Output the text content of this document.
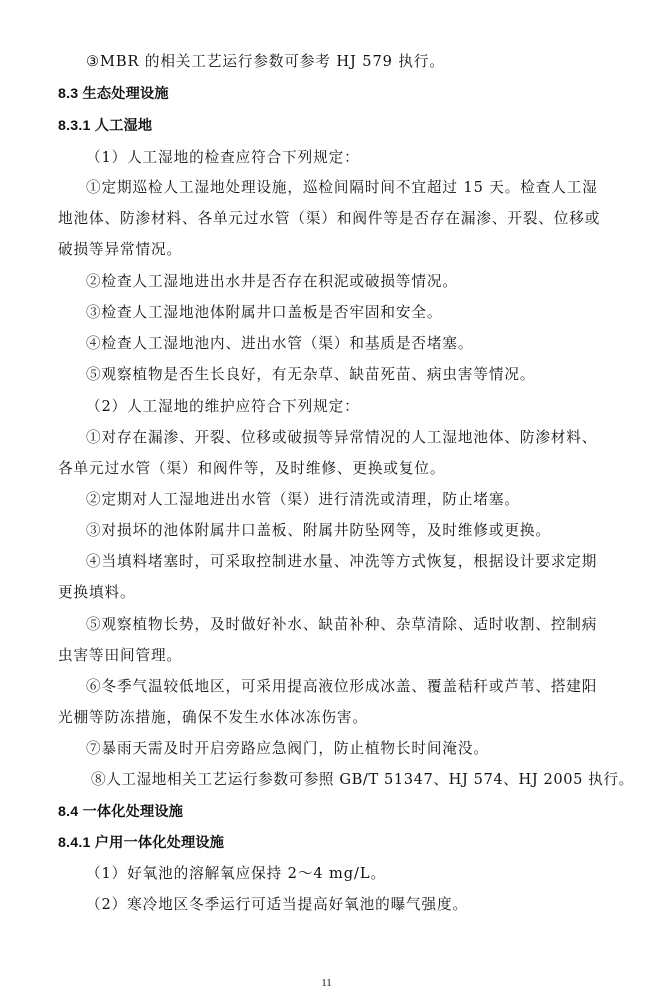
③MBR 的相关工艺运行参数可参考 HJ 579 执行。
8.3 生态处理设施
8.3.1 人工湿地
（1）人工湿地的检查应符合下列规定：
①定期巡检人工湿地处理设施，巡检间隔时间不宜超过 15 天。检查人工湿
地池体、防渗材料、各单元过水管（渠）和阀件等是否存在漏渗、开裂、位移或
破损等异常情况。
②检查人工湿地进出水井是否存在积泥或破损等情况。
③检查人工湿地池体附属井口盖板是否牢固和安全。
④检查人工湿地池内、进出水管（渠）和基质是否堵塞。
⑤观察植物是否生长良好，有无杂草、缺苗死苗、病虫害等情况。
（2）人工湿地的维护应符合下列规定：
①对存在漏渗、开裂、位移或破损等异常情况的人工湿地池体、防渗材料、
各单元过水管（渠）和阀件等，及时维修、更换或复位。
②定期对人工湿地进出水管（渠）进行清洗或清理，防止堵塞。
③对损坏的池体附属井口盖板、附属井防坠网等，及时维修或更换。
④当填料堵塞时，可采取控制进水量、冲洗等方式恢复，根据设计要求定期
更换填料。
⑤观察植物长势，及时做好补水、缺苗补种、杂草清除、适时收割、控制病
虫害等田间管理。
⑥冬季气温较低地区，可采用提高液位形成冰盖、覆盖秸秆或芦苇、搭建阳
光棚等防冻措施，确保不发生水体冰冻伤害。
⑦暴雨天需及时开启旁路应急阀门，防止植物长时间淹没。
⑧人工湿地相关工艺运行参数可参照 GB/T 51347、HJ 574、HJ 2005 执行。
8.4 一体化处理设施
8.4.1 户用一体化处理设施
（1）好氧池的溶解氧应保持 2～4 mg/L。
（2）寒冷地区冬季运行可适当提高好氧池的曝气强度。
11
